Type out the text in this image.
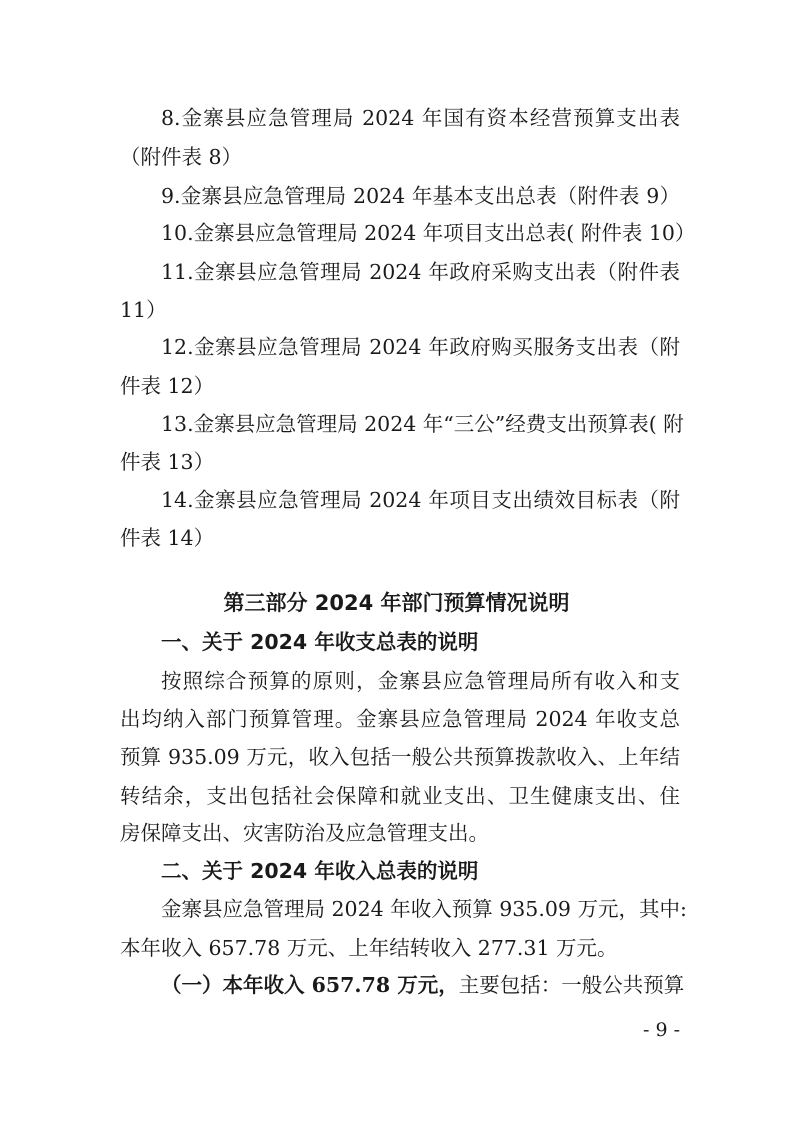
8.金寨县应急管理局 2024 年国有资本经营预算支出表
（附件表 8）
9.金寨县应急管理局 2024 年基本支出总表（附件表 9）
10.金寨县应急管理局 2024 年项目支出总表( 附件表 10）
11.金寨县应急管理局 2024 年政府采购支出表（附件表
11）
12.金寨县应急管理局 2024 年政府购买服务支出表（附
件表 12）
13.金寨县应急管理局 2024 年“三公”经费支出预算表( 附
件表 13）
14.金寨县应急管理局 2024 年项目支出绩效目标表（附
件表 14）
第三部分 2024 年部门预算情况说明
一、关于 2024 年收支总表的说明
按照综合预算的原则，金寨县应急管理局所有收入和支
出均纳入部门预算管理。金寨县应急管理局 2024 年收支总
预算 935.09 万元，收入包括一般公共预算拨款收入、上年结
转结余，支出包括社会保障和就业支出、卫生健康支出、住
房保障支出、灾害防治及应急管理支出。
二、关于 2024 年收入总表的说明
金寨县应急管理局 2024 年收入预算 935.09 万元，其中:
本年收入 657.78 万元、上年结转收入 277.31 万元。
（一）本年收入 657.78 万元，主要包括：一般公共预算
- 9 -
